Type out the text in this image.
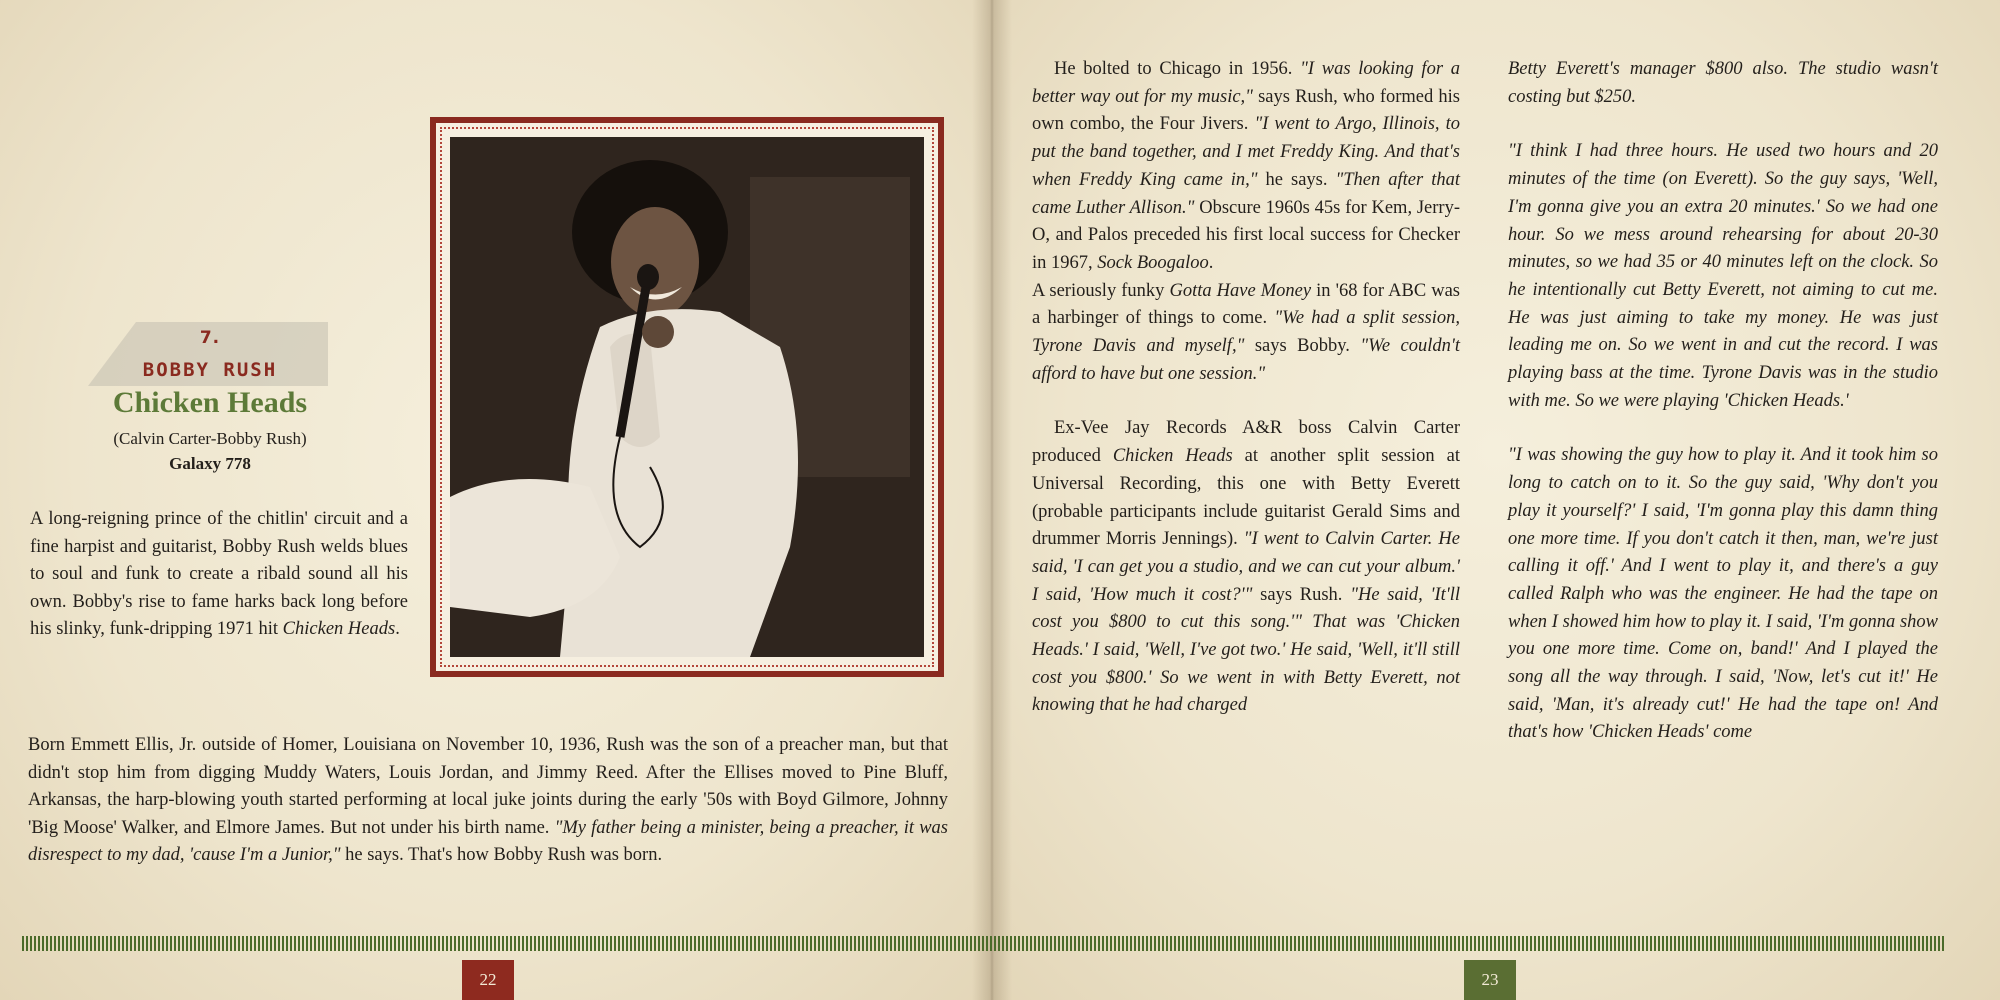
7.
BOBBY RUSH
Chicken Heads
(Calvin Carter-Bobby Rush)
Galaxy 778
A long-reigning prince of the chitlin' circuit and a fine harpist and guitarist, Bobby Rush welds blues to soul and funk to create a ribald sound all his own. Bobby's rise to fame harks back long before his slinky, funk-dripping 1971 hit Chicken Heads.
Born Emmett Ellis, Jr. outside of Homer, Louisiana on November 10, 1936, Rush was the son of a preacher man, but that didn't stop him from digging Muddy Waters, Louis Jordan, and Jimmy Reed. After the Ellises moved to Pine Bluff, Arkansas, the harp-blowing youth started performing at local juke joints during the early '50s with Boyd Gilmore, Johnny 'Big Moose' Walker, and Elmore James. But not under his birth name. "My father being a minister, being a preacher, it was disrespect to my dad, 'cause I'm a Junior," he says. That's how Bobby Rush was born.

He bolted to Chicago in 1956. "I was looking for a better way out for my music," says Rush, who formed his own combo, the Four Jivers. "I went to Argo, Illinois, to put the band together, and I met Freddy King. And that's when Freddy King came in," he says. "Then after that came Luther Allison." Obscure 1960s 45s for Kem, Jerry-O, and Palos preceded his first local success for Checker in 1967, Sock Boogaloo.

A seriously funky Gotta Have Money in '68 for ABC was a harbinger of things to come. "We had a split session, Tyrone Davis and myself," says Bobby. "We couldn't afford to have but one session."

Ex-Vee Jay Records A&R boss Calvin Carter produced Chicken Heads at another split session at Universal Recording, this one with Betty Everett (probable participants include guitarist Gerald Sims and drummer Morris Jennings). "I went to Calvin Carter. He said, 'I can get you a studio, and we can cut your album.' I said, 'How much it cost?'" says Rush. "He said, 'It'll cost you $800 to cut this song.'" That was 'Chicken Heads.' I said, 'Well, I've got two.' He said, 'Well, it'll still cost you $800.' So we went in with Betty Everett, not knowing that he had charged

Betty Everett's manager $800 also. The studio wasn't costing but $250.

"I think I had three hours. He used two hours and 20 minutes of the time (on Everett). So the guy says, 'Well, I'm gonna give you an extra 20 minutes.' So we had one hour. So we mess around rehearsing for about 20-30 minutes, so we had 35 or 40 minutes left on the clock. So he intentionally cut Betty Everett, not aiming to cut me. He was just aiming to take my money. He was just leading me on. So we went in and cut the record. I was playing bass at the time. Tyrone Davis was in the studio with me. So we were playing 'Chicken Heads.'

"I was showing the guy how to play it. And it took him so long to catch on to it. So the guy said, 'Why don't you play it yourself?' I said, 'I'm gonna play this damn thing one more time. If you don't catch it then, man, we're just calling it off.' And I went to play it, and there's a guy called Ralph who was the engineer. He had the tape on when I showed him how to play it. I said, 'I'm gonna show you one more time. Come on, band!' And I played the song all the way through. I said, 'Now, let's cut it!' He said, 'Man, it's already cut!' He had the tape on! And that's how 'Chicken Heads' come

22	23
